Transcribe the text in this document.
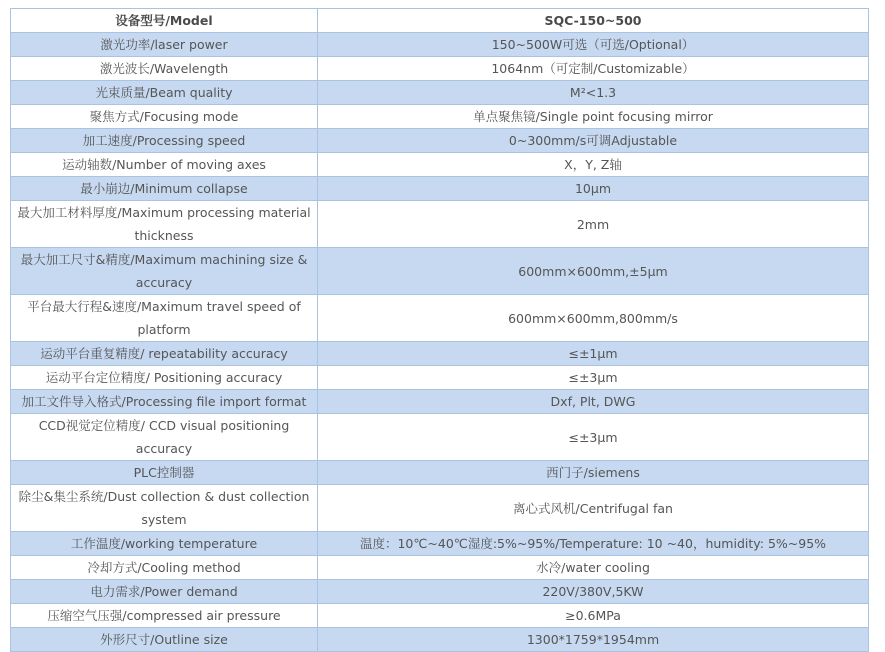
设备型号/Model	SQC-150~500
激光功率/laser power	150~500W可选（可选/Optional）
激光波长/Wavelength	1064nm（可定制/Customizable）
光束质量/Beam quality	M²<1.3
聚焦方式/Focusing mode	单点聚焦镜/Single point focusing mirror
加工速度/Processing speed	0~300mm/s可调Adjustable
运动轴数/Number of moving axes	X，Y, Z轴
最小崩边/Minimum collapse	10μm
最大加工材料厚度/Maximum processing material thickness	2mm
最大加工尺寸&精度/Maximum machining size & accuracy	600mm×600mm,±5μm
平台最大行程&速度/Maximum travel speed of platform	600mm×600mm,800mm/s
运动平台重复精度/ repeatability accuracy	≤±1μm
运动平台定位精度/ Positioning accuracy	≤±3μm
加工文件导入格式/Processing file import format	Dxf, Plt, DWG
CCD视觉定位精度/ CCD visual positioning accuracy	≤±3μm
PLC控制器	西门子/siemens
除尘&集尘系统/Dust collection & dust collection system	离心式风机/Centrifugal fan
工作温度/working temperature	温度：10℃~40℃湿度:5%~95%/Temperature: 10 ~40，humidity: 5%~95%
冷却方式/Cooling method	水冷/water cooling
电力需求/Power demand	220V/380V,5KW
压缩空气压强/compressed air pressure	≥0.6MPa
外形尺寸/Outline size	1300*1759*1954mm
